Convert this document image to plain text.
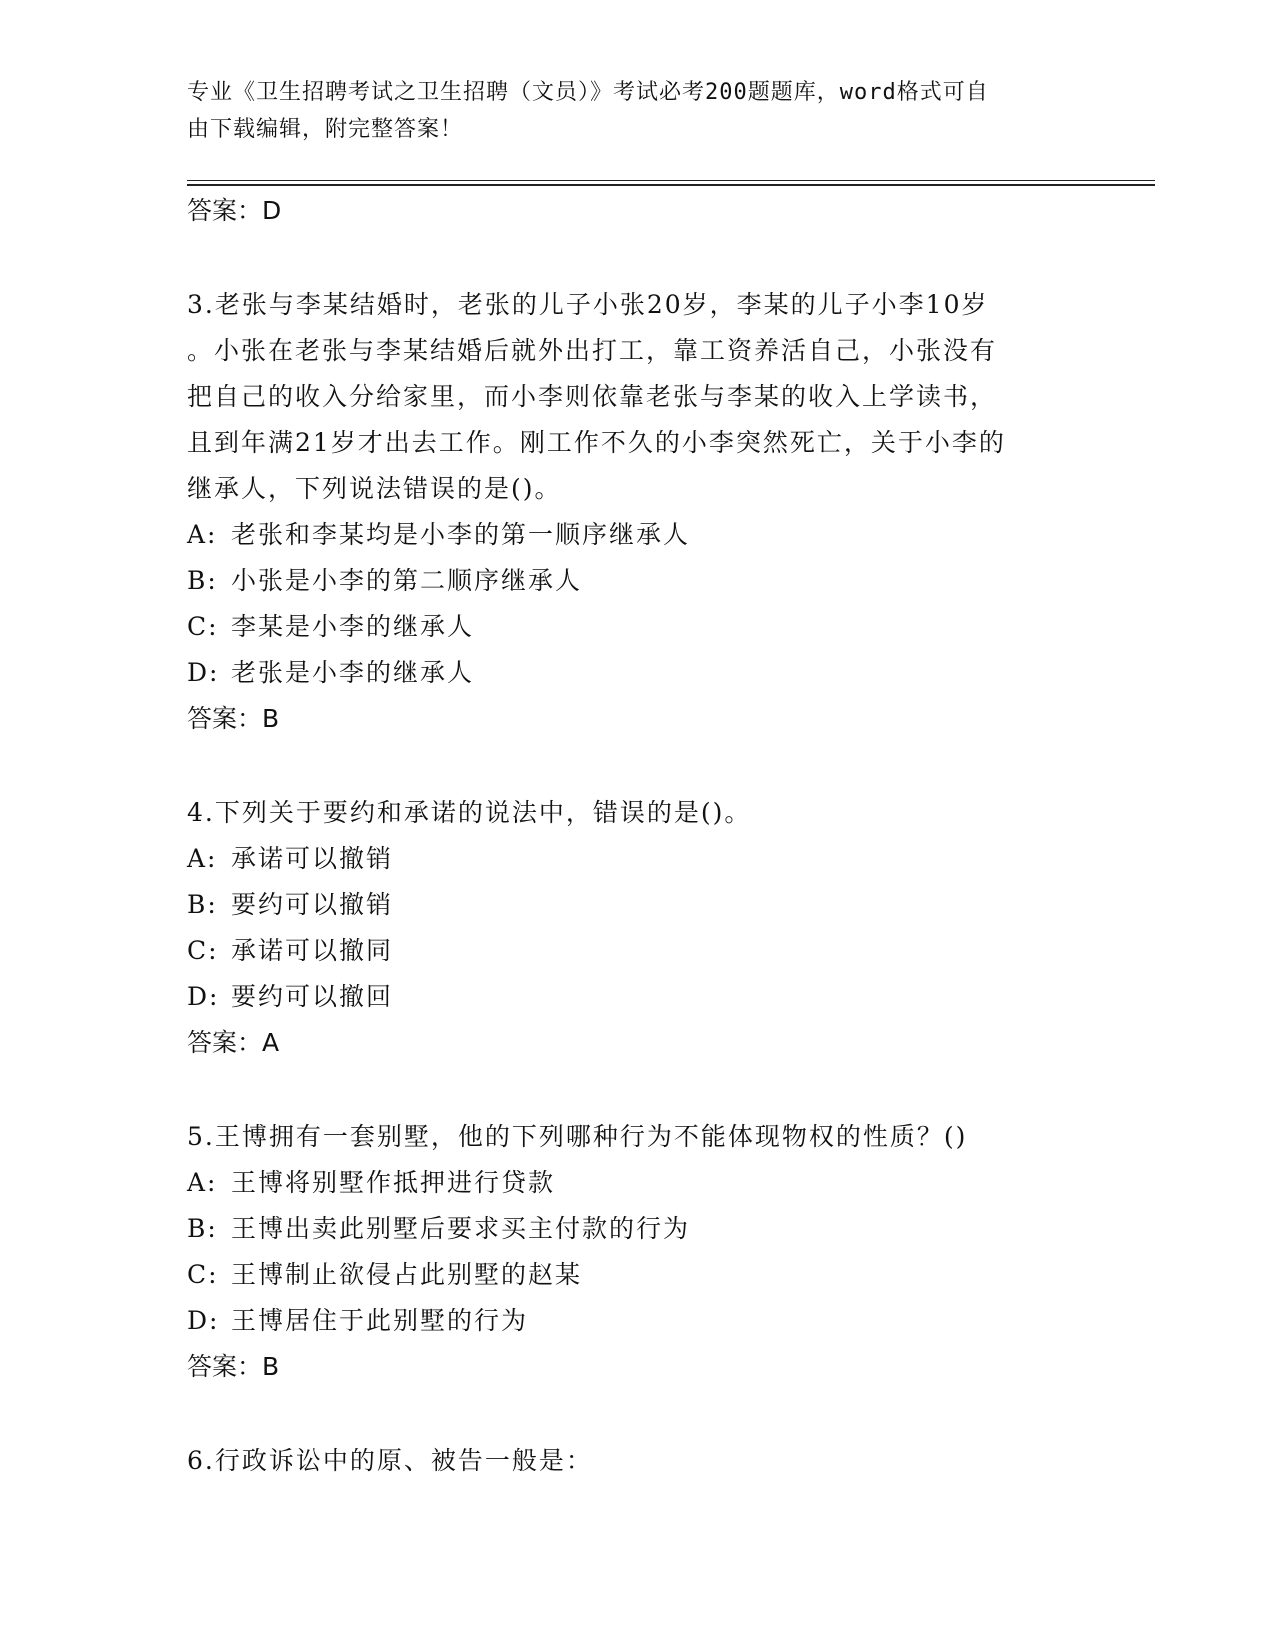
专业《卫生招聘考试之卫生招聘（文员）》考试必考200题题库，word格式可自
由下载编辑，附完整答案！

答案：D

3.老张与李某结婚时，老张的儿子小张20岁，李某的儿子小李10岁

。小张在老张与李某结婚后就外出打工，靠工资养活自己，小张没有

把自己的收入分给家里，而小李则依靠老张与李某的收入上学读书，

且到年满21岁才出去工作。刚工作不久的小李突然死亡，关于小李的

继承人，下列说法错误的是()。

A: 老张和李某均是小李的第一顺序继承人

B: 小张是小李的第二顺序继承人

C: 李某是小李的继承人

D: 老张是小李的继承人

答案：B

4.下列关于要约和承诺的说法中，错误的是()。

A: 承诺可以撤销

B: 要约可以撤销

C: 承诺可以撤同

D: 要约可以撤回

答案：A

5.王博拥有一套别墅，他的下列哪种行为不能体现物权的性质？()

A: 王博将别墅作抵押进行贷款

B: 王博出卖此别墅后要求买主付款的行为

C: 王博制止欲侵占此别墅的赵某

D: 王博居住于此别墅的行为

答案：B

6.行政诉讼中的原、被告一般是：
